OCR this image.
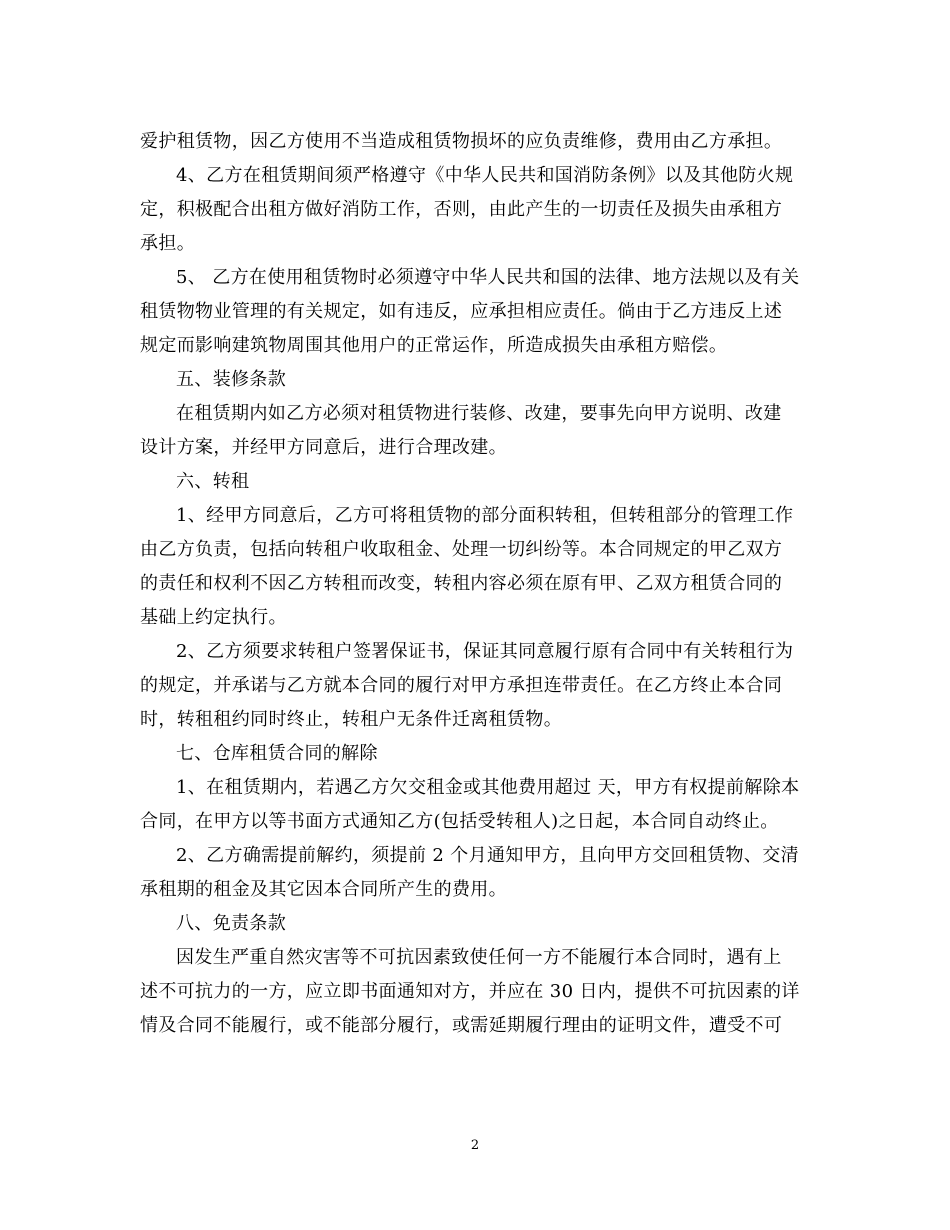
爱护租赁物，因乙方使用不当造成租赁物损坏的应负责维修，费用由乙方承担。
4、乙方在租赁期间须严格遵守《中华人民共和国消防条例》以及其他防火规
定，积极配合出租方做好消防工作，否则，由此产生的一切责任及损失由承租方
承担。
5、 乙方在使用租赁物时必须遵守中华人民共和国的法律、地方法规以及有关
租赁物物业管理的有关规定，如有违反，应承担相应责任。倘由于乙方违反上述
规定而影响建筑物周围其他用户的正常运作，所造成损失由承租方赔偿。
五、装修条款
在租赁期内如乙方必须对租赁物进行装修、改建，要事先向甲方说明、改建
设计方案，并经甲方同意后，进行合理改建。
六、转租
1、经甲方同意后，乙方可将租赁物的部分面积转租，但转租部分的管理工作
由乙方负责，包括向转租户收取租金、处理一切纠纷等。本合同规定的甲乙双方
的责任和权利不因乙方转租而改变，转租内容必须在原有甲、乙双方租赁合同的
基础上约定执行。
2、乙方须要求转租户签署保证书，保证其同意履行原有合同中有关转租行为
的规定，并承诺与乙方就本合同的履行对甲方承担连带责任。在乙方终止本合同
时，转租租约同时终止，转租户无条件迁离租赁物。
七、仓库租赁合同的解除
1、在租赁期内，若遇乙方欠交租金或其他费用超过 天，甲方有权提前解除本
合同，在甲方以等书面方式通知乙方(包括受转租人)之日起，本合同自动终止。
2、乙方确需提前解约，须提前 2 个月通知甲方，且向甲方交回租赁物、交清
承租期的租金及其它因本合同所产生的费用。
八、免责条款
因发生严重自然灾害等不可抗因素致使任何一方不能履行本合同时，遇有上
述不可抗力的一方，应立即书面通知对方，并应在 30 日内，提供不可抗因素的详
情及合同不能履行，或不能部分履行，或需延期履行理由的证明文件，遭受不可
2
